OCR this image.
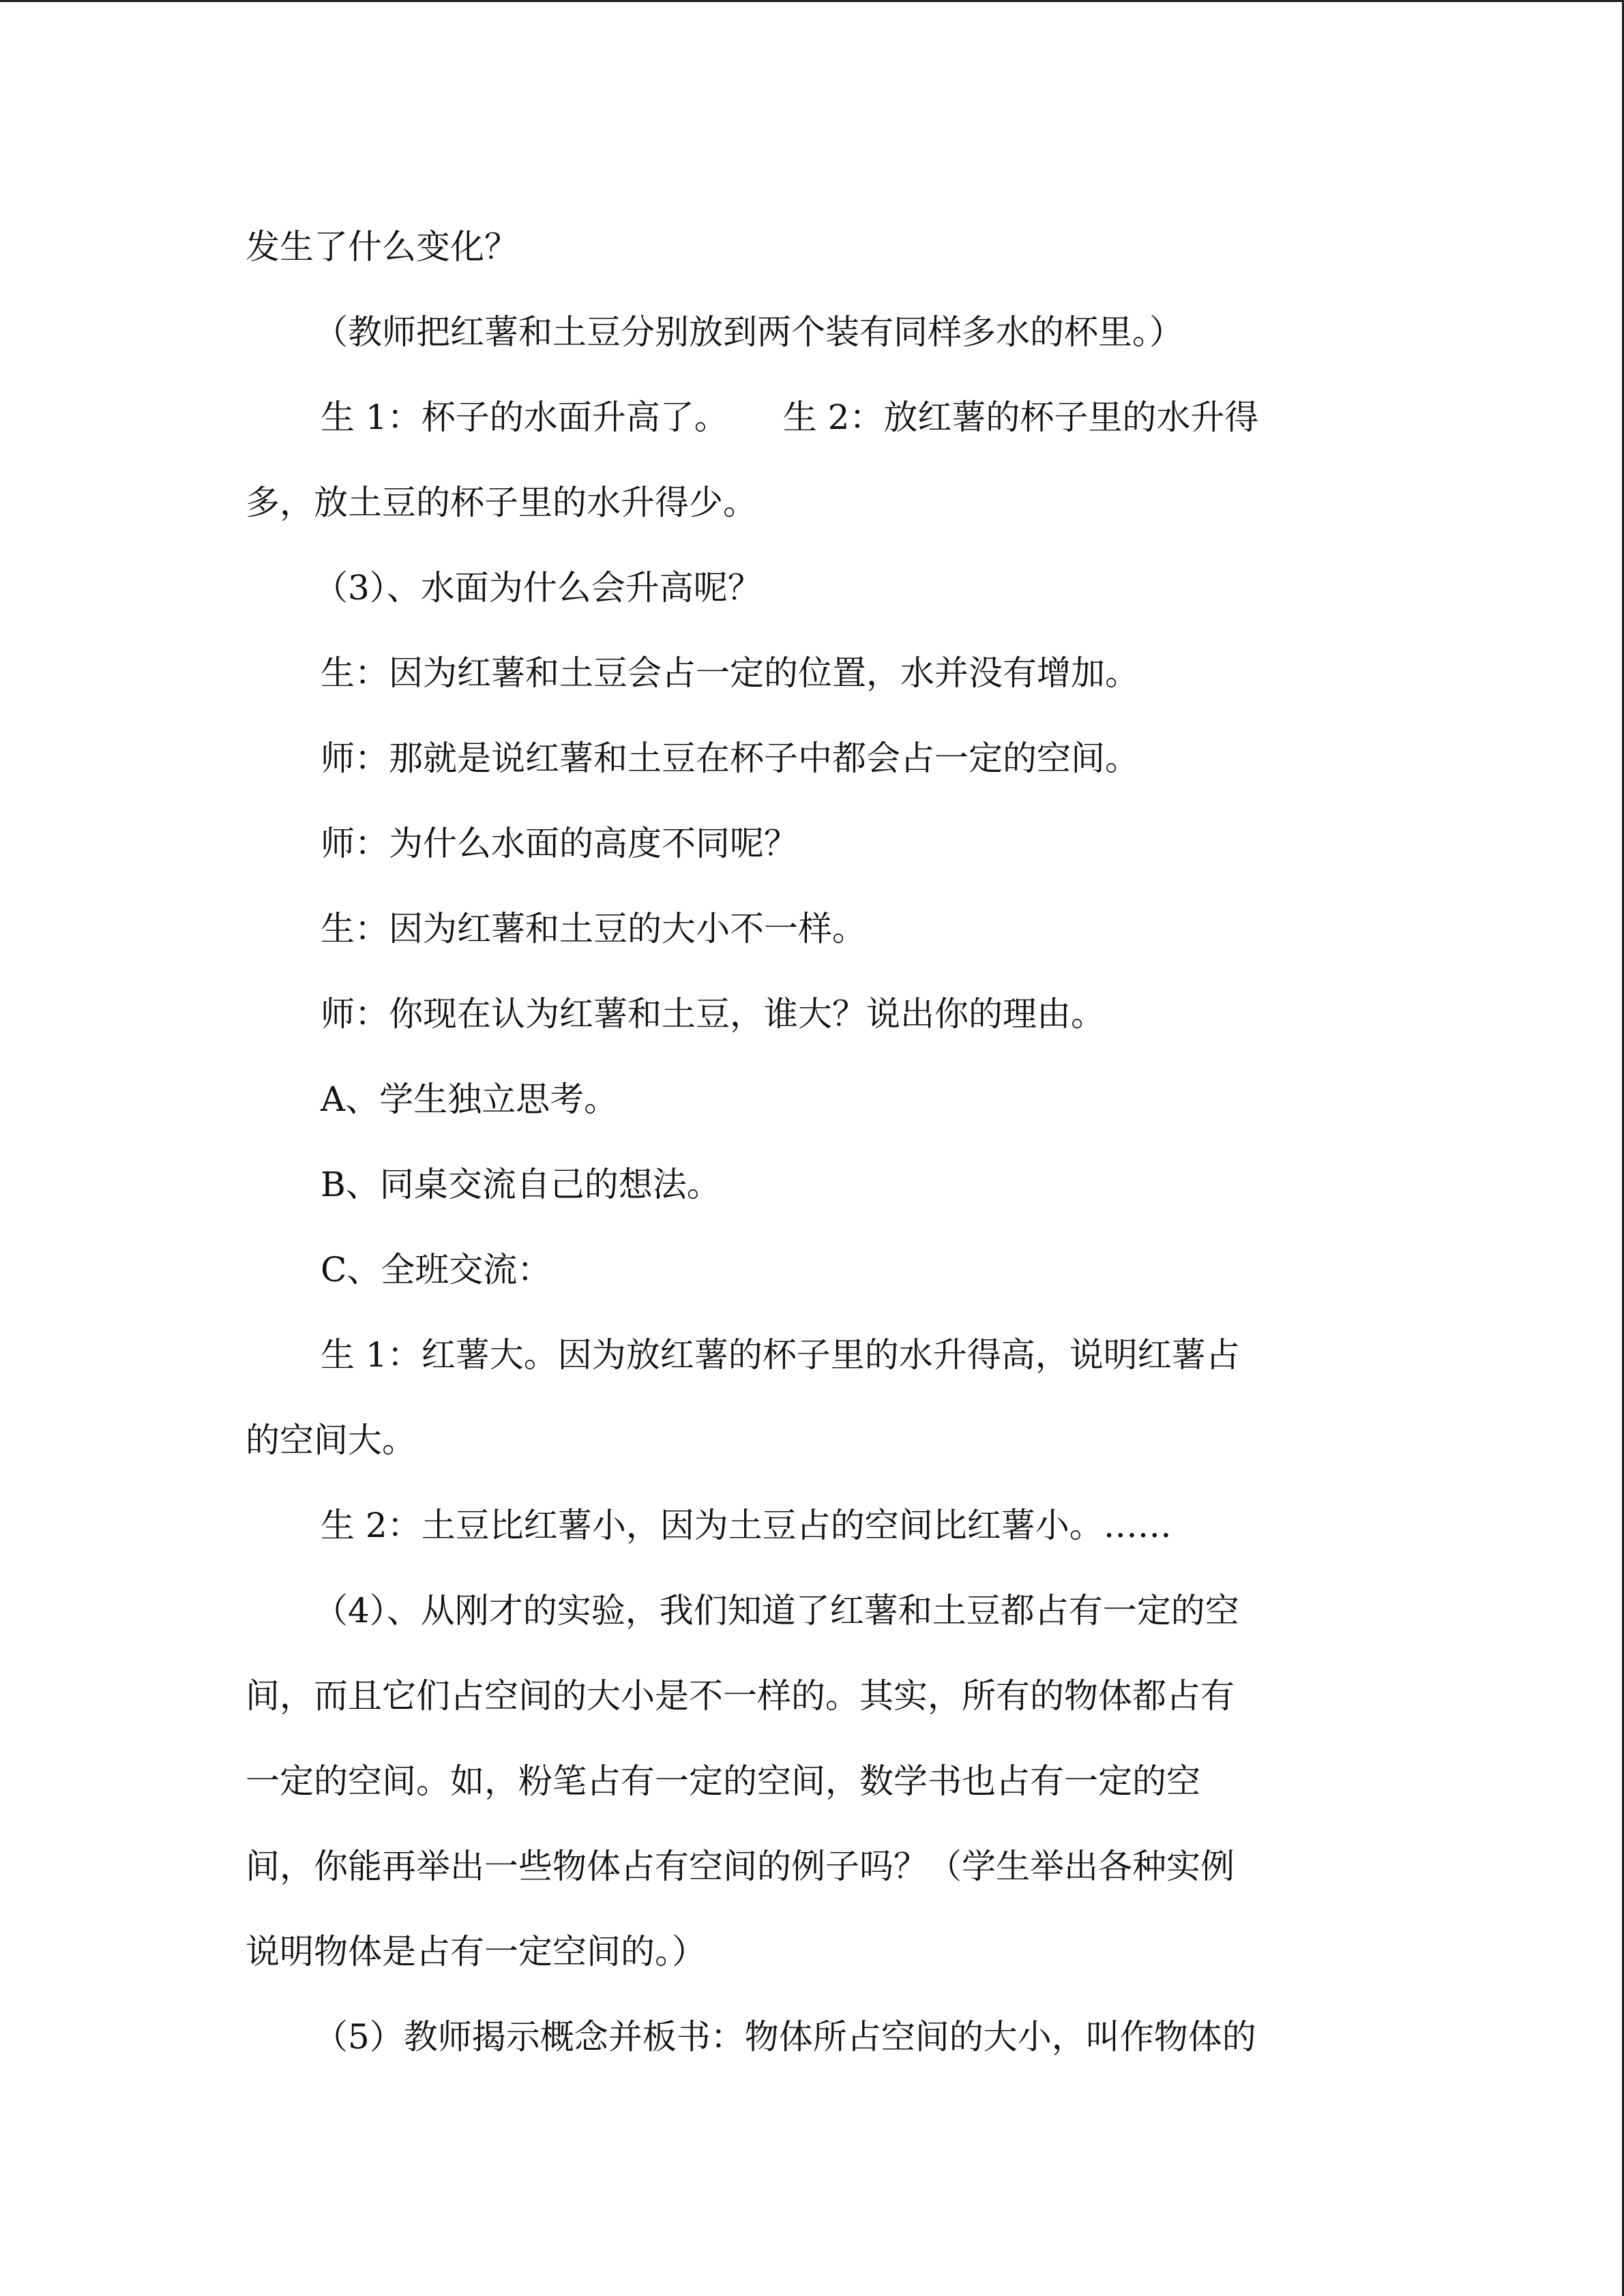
发生了什么变化？
（教师把红薯和土豆分别放到两个装有同样多水的杯里。）
生 1：杯子的水面升高了。 生 2：放红薯的杯子里的水升得
多，放土豆的杯子里的水升得少。
（3）、水面为什么会升高呢？
生：因为红薯和土豆会占一定的位置，水并没有增加。
师：那就是说红薯和土豆在杯子中都会占一定的空间。
师：为什么水面的高度不同呢？
生：因为红薯和土豆的大小不一样。
师：你现在认为红薯和土豆，谁大？说出你的理由。
A、学生独立思考。
B、同桌交流自己的想法。
C、全班交流：
生 1：红薯大。因为放红薯的杯子里的水升得高，说明红薯占
的空间大。
生 2：土豆比红薯小，因为土豆占的空间比红薯小。……
（4）、从刚才的实验，我们知道了红薯和土豆都占有一定的空
间，而且它们占空间的大小是不一样的。其实，所有的物体都占有
一定的空间。如，粉笔占有一定的空间，数学书也占有一定的空
间，你能再举出一些物体占有空间的例子吗？（学生举出各种实例
说明物体是占有一定空间的。）
（5）教师揭示概念并板书：物体所占空间的大小，叫作物体的
